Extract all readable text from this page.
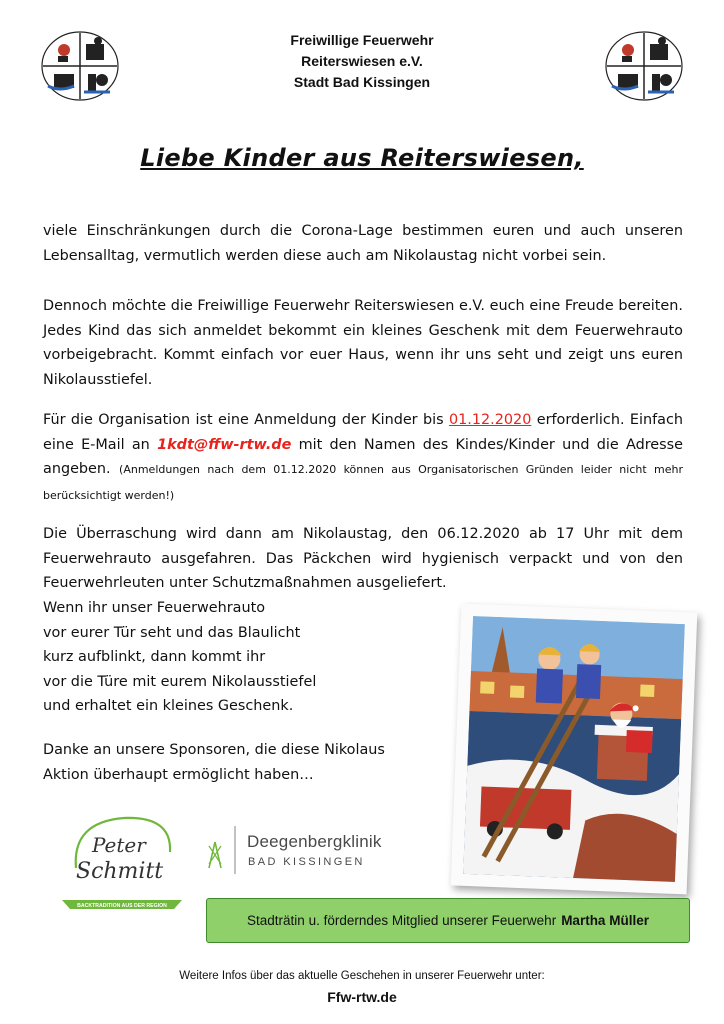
Freiwillige Feuerwehr
Reiterswiesen e.V.
Stadt Bad Kissingen
Liebe Kinder aus Reiterswiesen,
viele Einschränkungen durch die Corona-Lage bestimmen euren und auch unseren Lebensalltag, vermutlich werden diese auch am Nikolaustag nicht vorbei sein.
Dennoch möchte die Freiwillige Feuerwehr Reiterswiesen e.V. euch eine Freude bereiten. Jedes Kind das sich anmeldet bekommt ein kleines Geschenk mit dem Feuerwehrauto vorbeigebracht. Kommt einfach vor euer Haus, wenn ihr uns seht und zeigt uns euren Nikolausstiefel.
Für die Organisation ist eine Anmeldung der Kinder bis 01.12.2020 erforderlich. Einfach eine E-Mail an 1kdt@ffw-rtw.de mit den Namen des Kindes/Kinder und die Adresse angeben. (Anmeldungen nach dem 01.12.2020 können aus Organisatorischen Gründen leider nicht mehr berücksichtigt werden!)
Die Überraschung wird dann am Nikolaustag, den 06.12.2020 ab 17 Uhr mit dem Feuerwehrauto ausgefahren. Das Päckchen wird hygienisch verpackt und von den Feuerwehrleuten unter Schutzmaßnahmen ausgeliefert.
Wenn ihr unser Feuerwehrauto
vor eurer Tür seht und das Blaulicht
kurz aufblinkt, dann kommt ihr
vor die Türe mit eurem Nikolausstiefel
und erhaltet ein kleines Geschenk.
Danke an unsere Sponsoren, die diese Nikolaus
Aktion überhaupt ermöglicht haben…
Peter
Schmitt
BACKTRADITION AUS DER REGION
Deegenbergklinik
BAD KISSINGEN
Stadträtin u. förderndes Mitglied unserer Feuerwehr Martha Müller
Weitere Infos über das aktuelle Geschehen in unserer Feuerwehr unter:
Ffw-rtw.de
